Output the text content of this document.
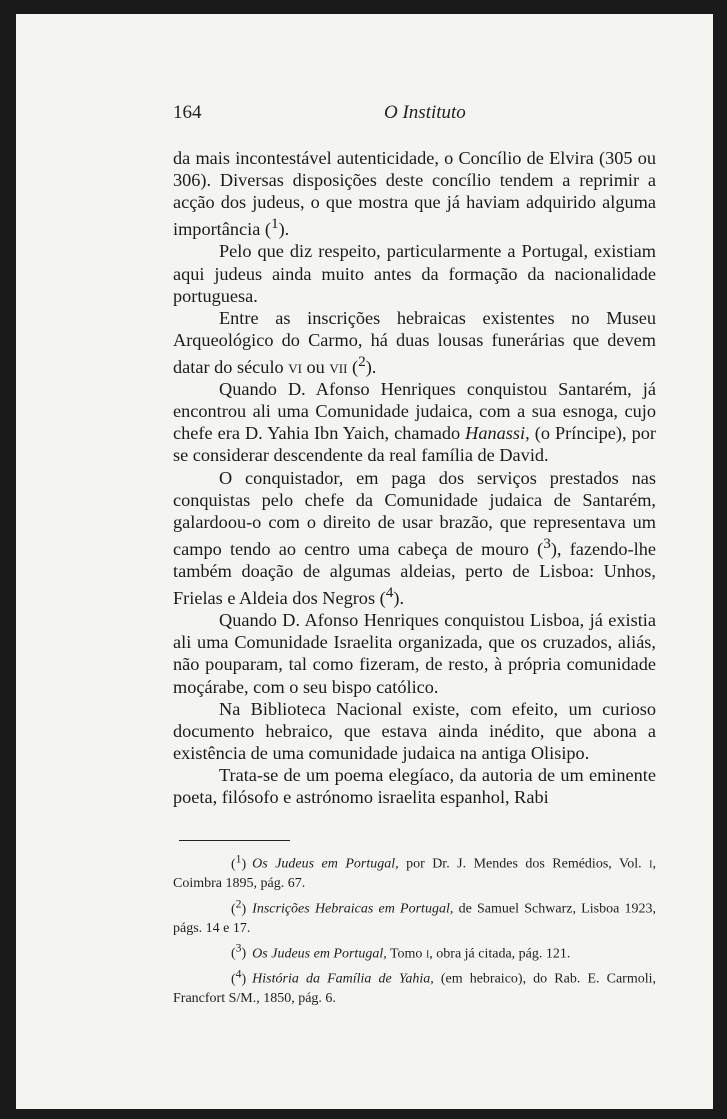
164	O Instituto

da mais incontestável autenticidade, o Concílio de Elvira (305 ou 306). Diversas disposições deste concílio tendem a reprimir a acção dos judeus, o que mostra que já haviam adquirido alguma importância ($^1$).

Pelo que diz respeito, particularmente a Portugal, existiam aqui judeus ainda muito antes da formação da nacionalidade portuguesa.

Entre as inscrições hebraicas existentes no Museu Arqueológico do Carmo, há duas lousas funerárias que devem datar do século vi ou vii ($^2$).

Quando D. Afonso Henriques conquistou Santarém, já encontrou ali uma Comunidade judaica, com a sua esnoga, cujo chefe era D. Yahia Ibn Yaich, chamado Hanassi, (o Príncipe), por se considerar descendente da real família de David.

O conquistador, em paga dos serviços prestados nas conquistas pelo chefe da Comunidade judaica de Santarém, galardoou-o com o direito de usar brazão, que representava um campo tendo ao centro uma cabeça de mouro ($^3$), fazendo-lhe também doação de algumas aldeias, perto de Lisboa: Unhos, Frielas e Aldeia dos Negros ($^4$).

Quando D. Afonso Henriques conquistou Lisboa, já existia ali uma Comunidade Israelita organizada, que os cruzados, aliás, não pouparam, tal como fizeram, de resto, à própria comunidade moçárabe, com o seu bispo católico.

Na Biblioteca Nacional existe, com efeito, um curioso documento hebraico, que estava ainda inédito, que abona a existência de uma comunidade judaica na antiga Olisipo.

Trata-se de um poema elegíaco, da autoria de um eminente poeta, filósofo e astrónomo israelita espanhol, Rabi

($^1$) Os Judeus em Portugal, por Dr. J. Mendes dos Remédios, Vol. i, Coimbra 1895, pág. 67.

($^2$) Inscrições Hebraicas em Portugal, de Samuel Schwarz, Lisboa 1923, págs. 14 e 17.

($^3$) Os Judeus em Portugal, Tomo i, obra já citada, pág. 121.

($^4$) História da Família de Yahia, (em hebraico), do Rab. E. Carmoli, Francfort S/M., 1850, pág. 6.
